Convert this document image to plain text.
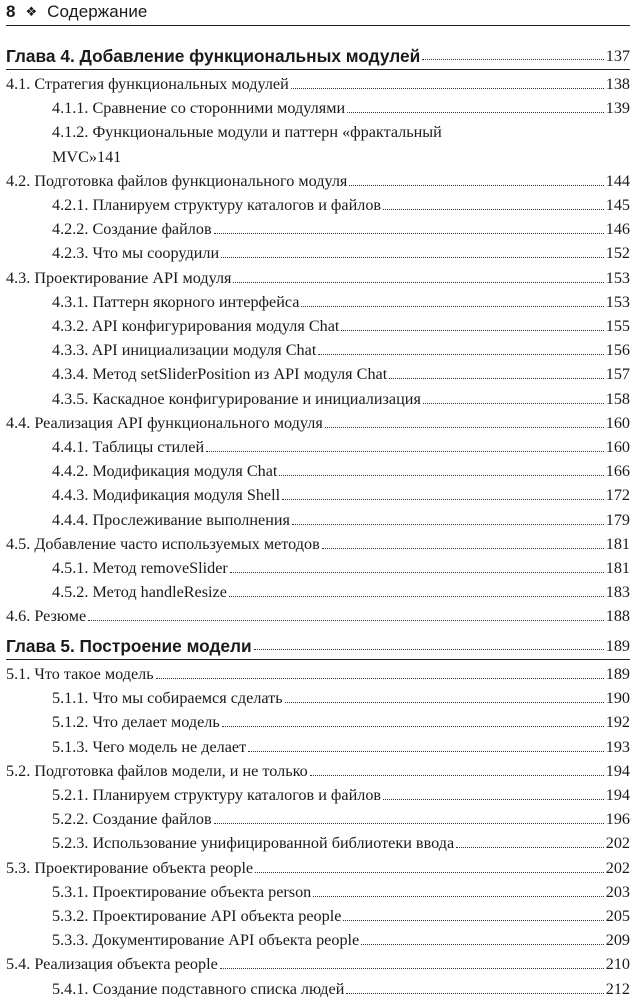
8 ❖ Содержание
Глава 4. Добавление функциональных модулей	137
4.1. Стратегия функциональных модулей	138
4.1.1. Сравнение со сторонними модулями	139
4.1.2. Функциональные модули и паттерн «фрактальный
MVC» 141
4.2. Подготовка файлов функционального модуля	144
4.2.1. Планируем структуру каталогов и файлов	145
4.2.2. Создание файлов	146
4.2.3. Что мы соорудили	152
4.3. Проектирование API модуля	153
4.3.1. Паттерн якорного интерфейса	153
4.3.2. API конфигурирования модуля Chat	155
4.3.3. API инициализации модуля Chat	156
4.3.4. Метод setSliderPosition из API модуля Chat	157
4.3.5. Каскадное конфигурирование и инициализация	158
4.4. Реализация API функционального модуля	160
4.4.1. Таблицы стилей	160
4.4.2. Модификация модуля Chat	166
4.4.3. Модификация модуля Shell	172
4.4.4. Прослеживание выполнения	179
4.5. Добавление часто используемых методов	181
4.5.1. Метод removeSlider	181
4.5.2. Метод handleResize	183
4.6. Резюме	188
Глава 5. Построение модели	189
5.1. Что такое модель	189
5.1.1. Что мы собираемся сделать	190
5.1.2. Что делает модель	192
5.1.3. Чего модель не делает	193
5.2. Подготовка файлов модели, и не только	194
5.2.1. Планируем структуру каталогов и файлов	194
5.2.2. Создание файлов	196
5.2.3. Использование унифицированной библиотеки ввода	202
5.3. Проектирование объекта people	202
5.3.1. Проектирование объекта person	203
5.3.2. Проектирование API объекта people	205
5.3.3. Документирование API объекта people	209
5.4. Реализация объекта people	210
5.4.1. Создание подставного списка людей	212
